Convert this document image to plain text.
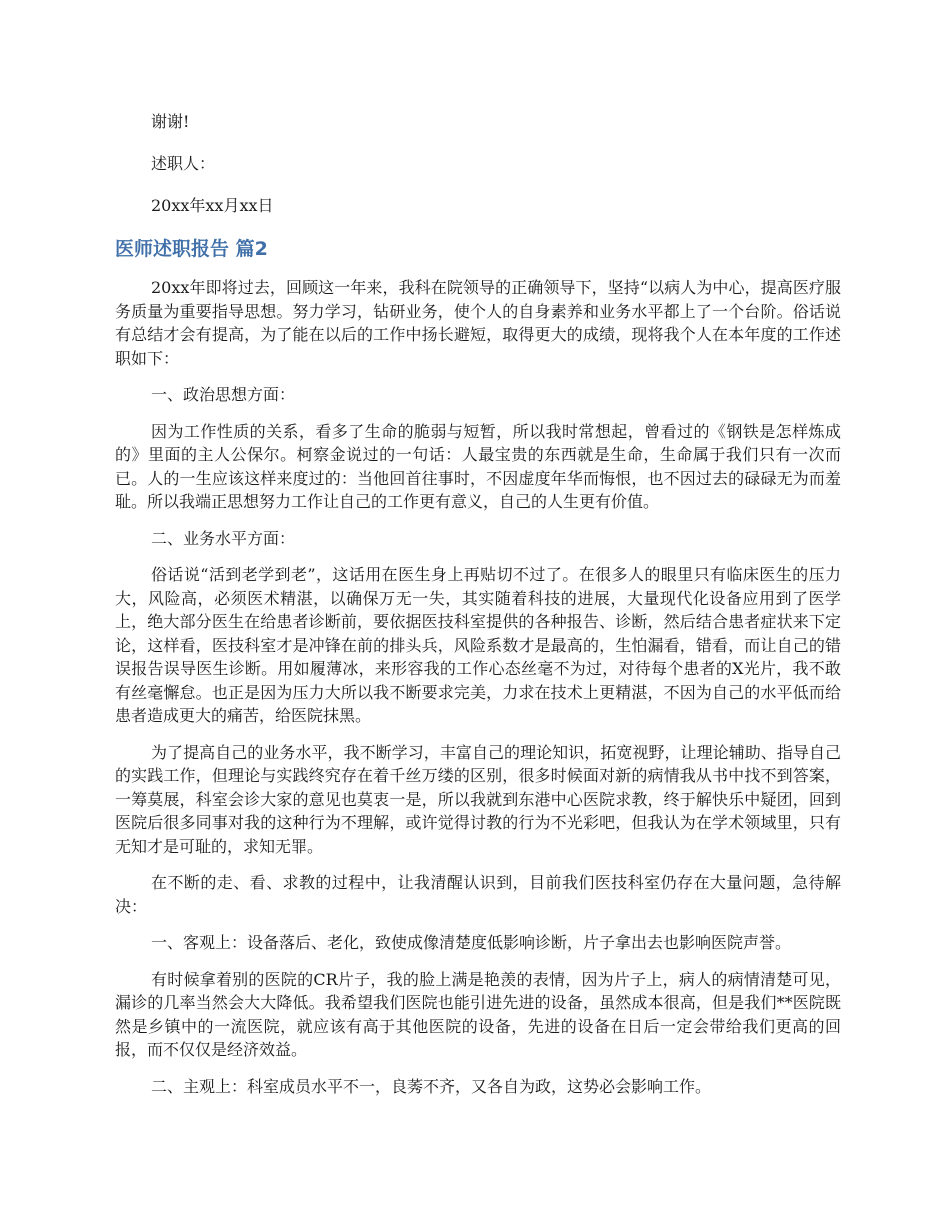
谢谢!
述职人：
20xx年xx月xx日
医师述职报告 篇2

20xx年即将过去，回顾这一年来，我科在院领导的正确领导下，坚持“以病人为中心，提高医疗服务质量为重要指导思想。努力学习，钻研业务，使个人的自身素养和业务水平都上了一个台阶。俗话说有总结才会有提高，为了能在以后的工作中扬长避短，取得更大的成绩，现将我个人在本年度的工作述职如下：

一、政治思想方面：

因为工作性质的关系，看多了生命的脆弱与短暂，所以我时常想起，曾看过的《钢铁是怎样炼成的》里面的主人公保尔。柯察金说过的一句话：人最宝贵的东西就是生命，生命属于我们只有一次而已。人的一生应该这样来度过的：当他回首往事时，不因虚度年华而悔恨，也不因过去的碌碌无为而羞耻。所以我端正思想努力工作让自己的工作更有意义，自己的人生更有价值。

二、业务水平方面：

俗话说“活到老学到老”，这话用在医生身上再贴切不过了。在很多人的眼里只有临床医生的压力大，风险高，必须医术精湛，以确保万无一失，其实随着科技的进展，大量现代化设备应用到了医学上，绝大部分医生在给患者诊断前，要依据医技科室提供的各种报告、诊断，然后结合患者症状来下定论，这样看，医技科室才是冲锋在前的排头兵，风险系数才是最高的，生怕漏看，错看，而让自己的错误报告误导医生诊断。用如履薄冰，来形容我的工作心态丝毫不为过，对待每个患者的X光片，我不敢有丝毫懈怠。也正是因为压力大所以我不断要求完美，力求在技术上更精湛，不因为自己的水平低而给患者造成更大的痛苦，给医院抹黑。

为了提高自己的业务水平，我不断学习，丰富自己的理论知识，拓宽视野，让理论辅助、指导自己的实践工作，但理论与实践终究存在着千丝万缕的区别，很多时候面对新的病情我从书中找不到答案，一筹莫展，科室会诊大家的意见也莫衷一是，所以我就到东港中心医院求教，终于解快乐中疑团，回到医院后很多同事对我的这种行为不理解，或许觉得讨教的行为不光彩吧，但我认为在学术领域里，只有无知才是可耻的，求知无罪。

在不断的走、看、求教的过程中，让我清醒认识到，目前我们医技科室仍存在大量问题，急待解决：

一、客观上：设备落后、老化，致使成像清楚度低影响诊断，片子拿出去也影响医院声誉。

有时候拿着别的医院的CR片子，我的脸上满是艳羡的表情，因为片子上，病人的病情清楚可见，漏诊的几率当然会大大降低。我希望我们医院也能引进先进的设备，虽然成本很高，但是我们**医院既然是乡镇中的一流医院，就应该有高于其他医院的设备，先进的设备在日后一定会带给我们更高的回报，而不仅仅是经济效益。

二、主观上：科室成员水平不一，良莠不齐，又各自为政，这势必会影响工作。
